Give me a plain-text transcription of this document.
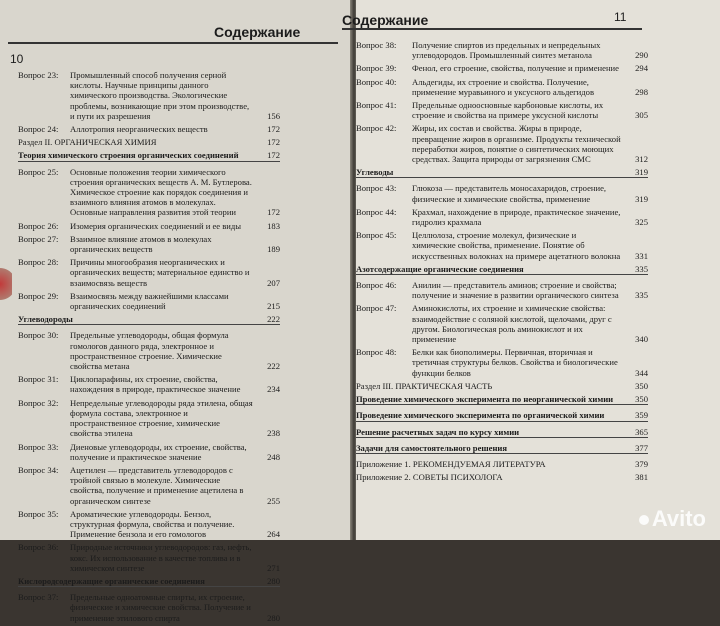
Содержание
10
Вопрос 23:	Промышленный способ получения серной кислоты. Научные принципы данного химического производства. Экологические проблемы, возникающие при этом производстве, и пути их разрешения	156
Вопрос 24:	Аллотропия неорганических веществ	172
Раздел II. ОРГАНИЧЕСКАЯ ХИМИЯ	172
Теория химического строения органических соединений	172
Вопрос 25:	Основные положения теории химического строения органических веществ А. М. Бутлерова. Химическое строение как порядок соединения и взаимного влияния атомов в молекулах. Основные направления развития этой теории	172
Вопрос 26:	Изомерия органических соединений и ее виды	183
Вопрос 27:	Взаимное влияние атомов в молекулах органических веществ	189
Вопрос 28:	Причины многообразия неорганических и органических веществ; материальное единство и взаимосвязь веществ	207
Вопрос 29:	Взаимосвязь между важнейшими классами органических соединений	215
Углеводороды	222
Вопрос 30:	Предельные углеводороды, общая формула гомологов данного ряда, электронное и пространственное строение. Химические свойства метана	222
Вопрос 31:	Циклопарафины, их строение, свойства, нахождения в природе, практическое значение	234
Вопрос 32:	Непредельные углеводороды ряда этилена, общая формула состава, электронное и пространственное строение, химические свойства этилена	238
Вопрос 33:	Диеновые углеводороды, их строение, свойства, получение и практическое значение	248
Вопрос 34:	Ацетилен — представитель углеводородов с тройной связью в молекуле. Химические свойства, получение и применение ацетилена в органическом синтезе	255
Вопрос 35:	Ароматические углеводороды. Бензол, структурная формула, свойства и получение. Применение бензола и его гомологов	264
Вопрос 36:	Природные источники углеводородов: газ, нефть, кокс. Их использование в качестве топлива и в химическом синтезе	271
Кислородсодержащие органические соединения	280
Вопрос 37:	Предельные одноатомные спирты, их строение, физические и химические свойства. Получение и применение этилового спирта	280
Содержание	11
Вопрос 38:	Получение спиртов из предельных и непредельных углеводородов. Промышленный синтез метанола	290
Вопрос 39:	Фенол, его строение, свойства, получение и применение	294
Вопрос 40:	Альдегиды, их строение и свойства. Получение, применение муравьиного и уксусного альдегидов	298
Вопрос 41:	Предельные одноосновные карбоновые кислоты, их строение и свойства на примере уксусной кислоты	305
Вопрос 42:	Жиры, их состав и свойства. Жиры в природе, превращение жиров в организме. Продукты технической переработки жиров, понятие о синтетических моющих средствах. Защита природы от загрязнения СМС	312
Углеводы	319
Вопрос 43:	Глюкоза — представитель моносахаридов, строение, физические и химические свойства, применение	319
Вопрос 44:	Крахмал, нахождение в природе, практическое значение, гидролиз крахмала	325
Вопрос 45:	Целлюлоза, строение молекул, физические и химические свойства, применение. Понятие об искусственных волокнах на примере ацетатного волокна	331
Азотсодержащие органические соединения	335
Вопрос 46:	Анилин — представитель аминов; строение и свойства; получение и значение в развитии органического синтеза	335
Вопрос 47:	Аминокислоты, их строение и химические свойства: взаимодействие с соляной кислотой, щелочами, друг с другом. Биологическая роль аминокислот и их применение	340
Вопрос 48:	Белки как биополимеры. Первичная, вторичная и третичная структуры белков. Свойства и биологические функции белков	344
Раздел III. ПРАКТИЧЕСКАЯ ЧАСТЬ	350
Проведение химического эксперимента по неорганической химии	350
Проведение химического эксперимента по органической химии	359
Решение расчетных задач по курсу химии	365
Задачи для самостоятельного решения	377
Приложение 1. РЕКОМЕНДУЕМАЯ ЛИТЕРАТУРА	379
Приложение 2. СОВЕТЫ ПСИХОЛОГА	381
Avito
